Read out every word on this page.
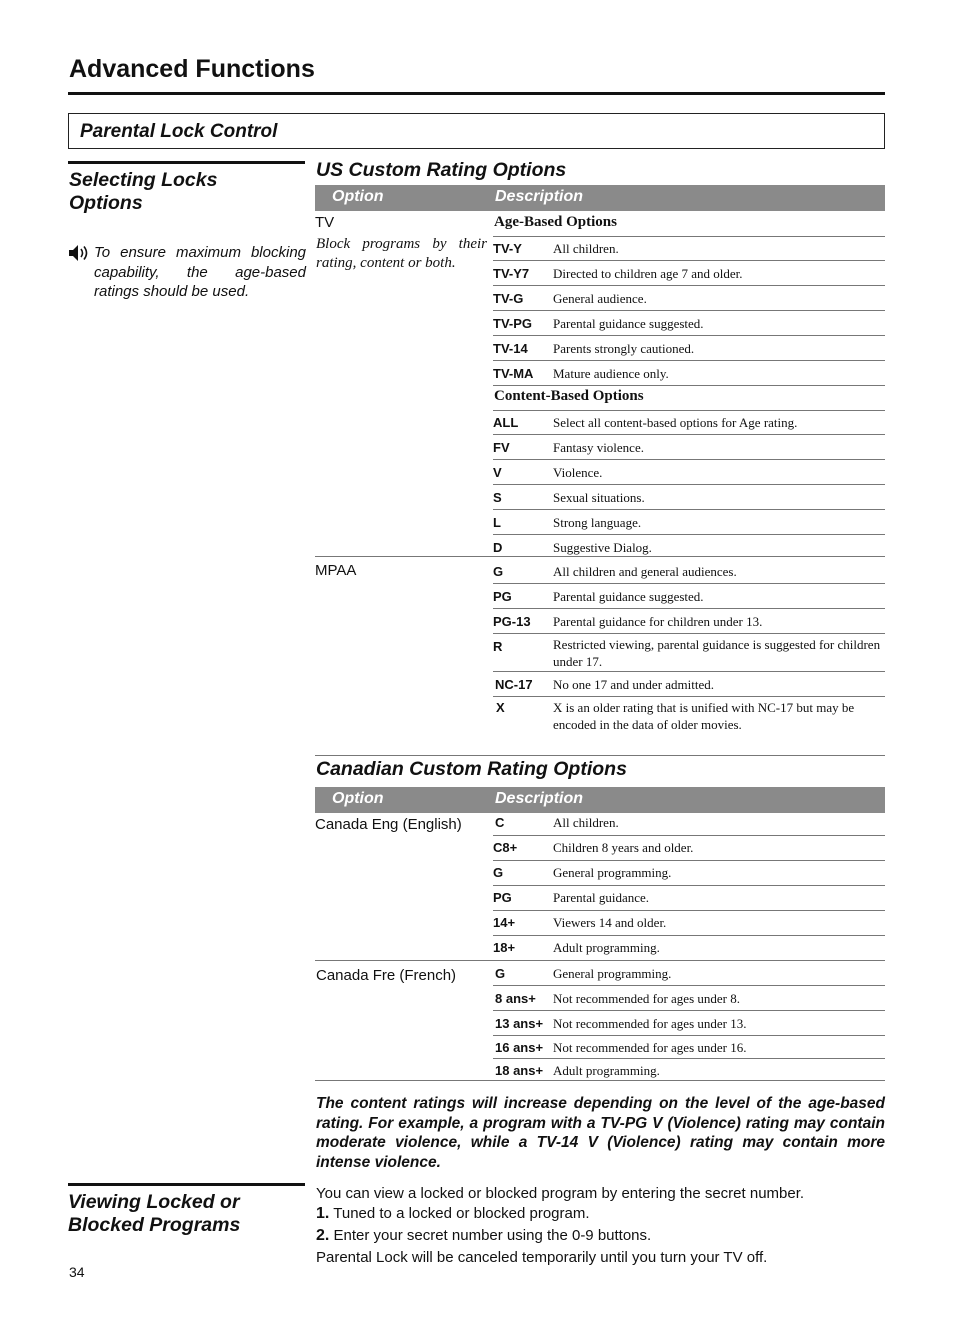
Advanced Functions
Parental Lock Control
Selecting Locks
Options
To ensure maximum blocking capability, the age-based ratings should be used.
US Custom Rating Options
Option	Description
TV
Block programs by their rating, content or both.
Age-Based Options
TV-Y All children.
TV-Y7 Directed to children age 7 and older.
TV-G General audience.
TV-PG Parental guidance suggested.
TV-14 Parents strongly cautioned.
TV-MA Mature audience only.
Content-Based Options
ALL	Select all content-based options for Age rating.
FV	Fantasy violence.
V	Violence.
S	Sexual situations.
L	Strong language.
D	Suggestive Dialog.
MPAA	G	All children and general audiences.
PG	Parental guidance suggested.
PG-13 Parental guidance for children under 13.
R	Restricted viewing, parental guidance is suggested for children under 17.
NC-17 No one 17 and under admitted.
X	X is an older rating that is unified with NC-17 but may be encoded in the data of older movies.
Canadian Custom Rating Options
Option	Description
Canada Eng (English)	C	All children.
C8+	Children 8 years and older.
G	General programming.
PG	Parental guidance.
14+	Viewers 14 and older.
18+	Adult programming.
Canada Fre (French)	G	General programming.
8 ans+ Not recommended for ages under 8.
13 ans+ Not recommended for ages under 13.
16 ans+ Not recommended for ages under 16.
18 ans+ Adult programming.
The content ratings will increase depending on the level of the age-based rating. For example, a program with a TV-PG V (Violence) rating may contain moderate violence, while a TV-14 V (Violence) rating may contain more intense violence.
Viewing Locked or
Blocked Programs
You can view a locked or blocked program by entering the secret number.
1. Tuned to a locked or blocked program.
2. Enter your secret number using the 0-9 buttons.
Parental Lock will be canceled temporarily until you turn your TV off.
34
